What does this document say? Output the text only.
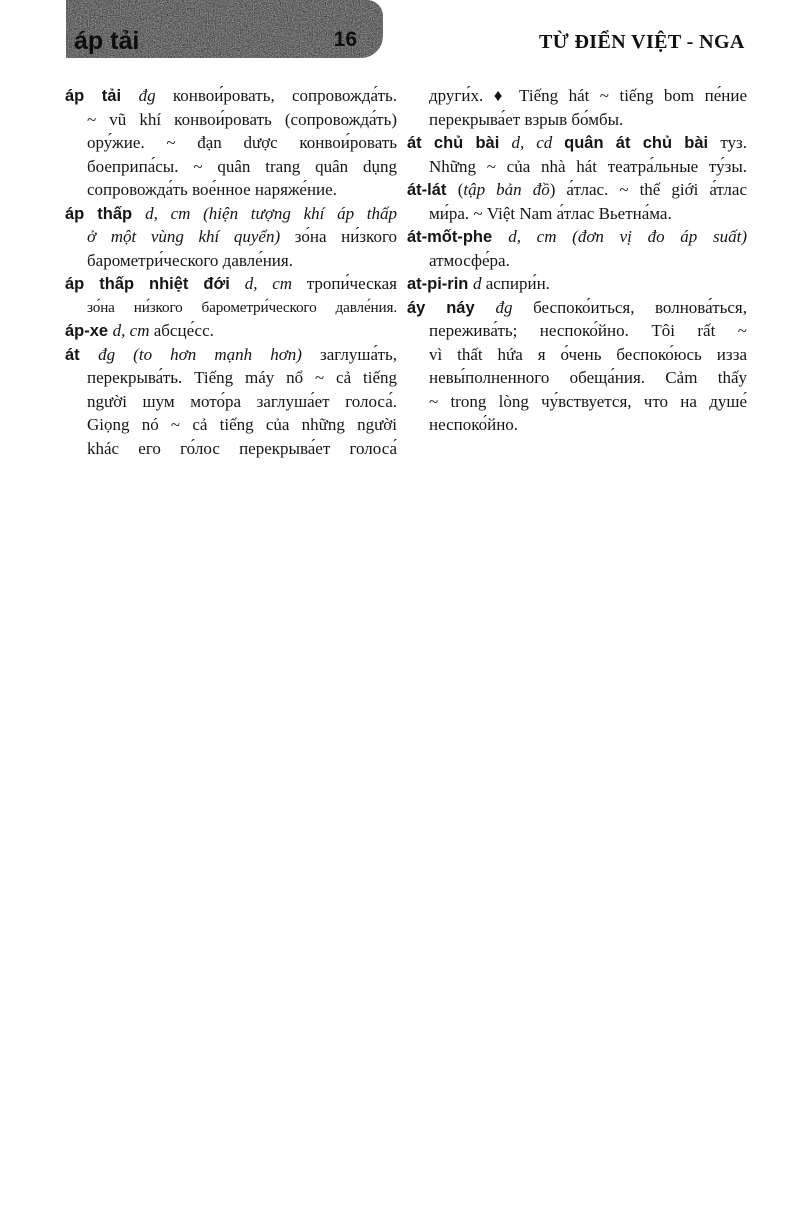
áp tải	16	TỪ ĐIỂN VIỆT - NGA
áp tải đg конвои́ровать, сопровожда́ть.
~ vũ khí конвои́ровать (сопровожда́ть)
ору́жие. ~ đạn dược конвои́ровать
боеприпа́сы. ~ quân trang quân dụng
сопровожда́ть вое́нное наряже́ние.
áp thấp d, cm (hiện tượng khí áp thấp
ở một vùng khí quyển) зо́на ни́зкого
барометри́ческого давле́ния.
áp thấp nhiệt đới d, cm тропи́ческая
зо́на ни́зкого барометри́ческого давле́ния.
áp-xe d, cm абсце́сс.
át đg (to hơn mạnh hơn) заглуша́ть,
перекрыва́ть. Tiếng máy nổ ~ cả tiếng
người шум мото́ра заглуша́ет голоса́.
Giọng nó ~ cả tiếng của những người
khác его го́лос перекрыва́ет голоса́
други́х. ♦ Tiếng hát ~ tiếng bom пе́ние
перекрыва́ет взрыв бо́мбы.
át chủ bài d, cd quân át chủ bài туз.
Những ~ của nhà hát театра́льные ту́зы.
át-lát (tập bản đồ) а́тлас. ~ thế giới а́тлас
ми́ра. ~ Việt Nam а́тлас Вьетна́ма.
át-mốt-phe d, cm (đơn vị đo áp suất)
атмосфе́ра.
at-pi-rin d аспири́н.
áy náy đg беспоко́иться, волнова́ться,
пережива́ть; неспоко́йно. Tôi rất ~
vì thất hứa я о́чень беспоко́юсь изза
невы́полненного обеща́ния. Cảm thấy
~ trong lòng чу́вствуется, что на душе́
неспоко́йно.
